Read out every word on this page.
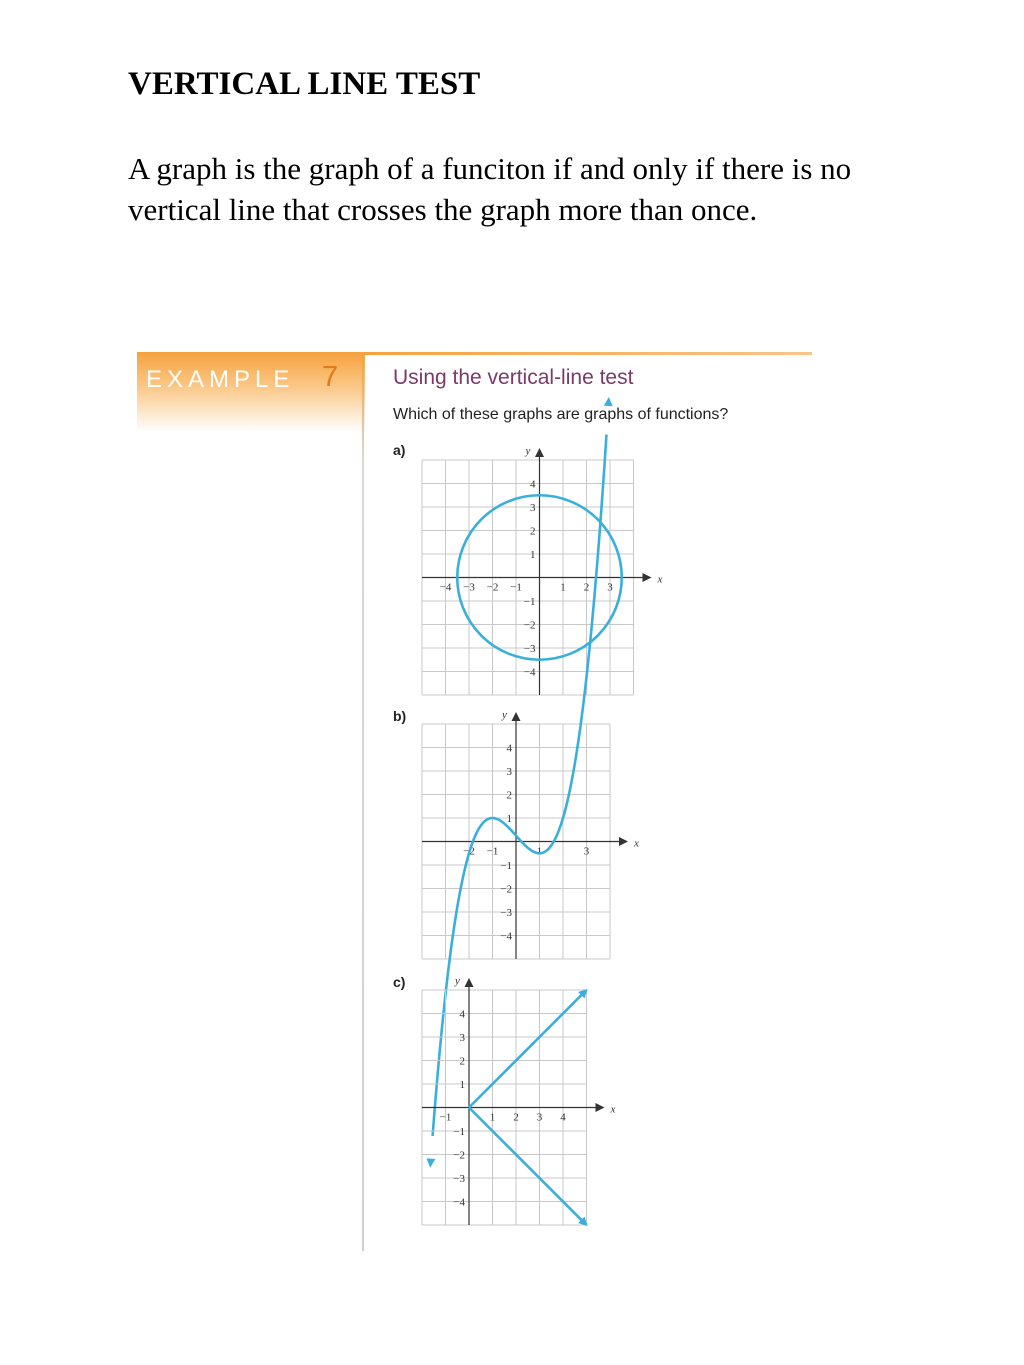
VERTICAL LINE TEST

A graph is the graph of a funciton if and only if there is no vertical line that crosses the graph more than once.

EXAMPLE 7	Using the vertical-line test
Which of these graphs are graphs of functions?
a)
x
y
−4 −3 −2 −1	1 2 3
4
3
2
1
−1
−2
−3
−4
b)
x
y
−2 −1	1	3
4
3
2
1
−1
−2
−3
−4
c)
x
y
−1	1 2 3 4
4
3
2
1
−1
−2
−3
−4
